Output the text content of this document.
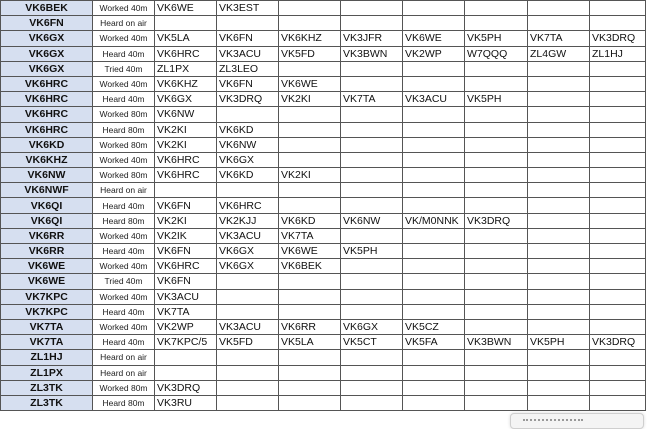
VK6BEK	Worked 40m	VK6WE	VK3EST						
VK6FN	Heard on air								
VK6GX	Worked 40m	VK5LA	VK6FN	VK6KHZ	VK3JFR	VK6WE	VK5PH	VK7TA	VK3DRQ
VK6GX	Heard 40m	VK6HRC	VK3ACU	VK5FD	VK3BWN	VK2WP	W7QQQ	ZL4GW	ZL1HJ
VK6GX	Tried 40m	ZL1PX	ZL3LEO						
VK6HRC	Worked 40m	VK6KHZ	VK6FN	VK6WE					
VK6HRC	Heard 40m	VK6GX	VK3DRQ	VK2KI	VK7TA	VK3ACU	VK5PH		
VK6HRC	Worked 80m	VK6NW							
VK6HRC	Heard 80m	VK2KI	VK6KD						
VK6KD	Worked 80m	VK2KI	VK6NW						
VK6KHZ	Worked 40m	VK6HRC	VK6GX						
VK6NW	Worked 80m	VK6HRC	VK6KD	VK2KI					
VK6NWF	Heard on air								
VK6QI	Heard 40m	VK6FN	VK6HRC						
VK6QI	Heard 80m	VK2KI	VK2KJJ	VK6KD	VK6NW	VK/M0NNK	VK3DRQ		
VK6RR	Worked 40m	VK2IK	VK3ACU	VK7TA					
VK6RR	Heard 40m	VK6FN	VK6GX	VK6WE	VK5PH				
VK6WE	Worked 40m	VK6HRC	VK6GX	VK6BEK					
VK6WE	Tried 40m	VK6FN							
VK7KPC	Worked 40m	VK3ACU							
VK7KPC	Heard 40m	VK7TA							
VK7TA	Worked 40m	VK2WP	VK3ACU	VK6RR	VK6GX	VK5CZ			
VK7TA	Heard 40m	VK7KPC/5	VK5FD	VK5LA	VK5CT	VK5FA	VK3BWN	VK5PH	VK3DRQ
ZL1HJ	Heard on air								
ZL1PX	Heard on air								
ZL3TK	Worked 80m	VK3DRQ							
ZL3TK	Heard 80m	VK3RU							
